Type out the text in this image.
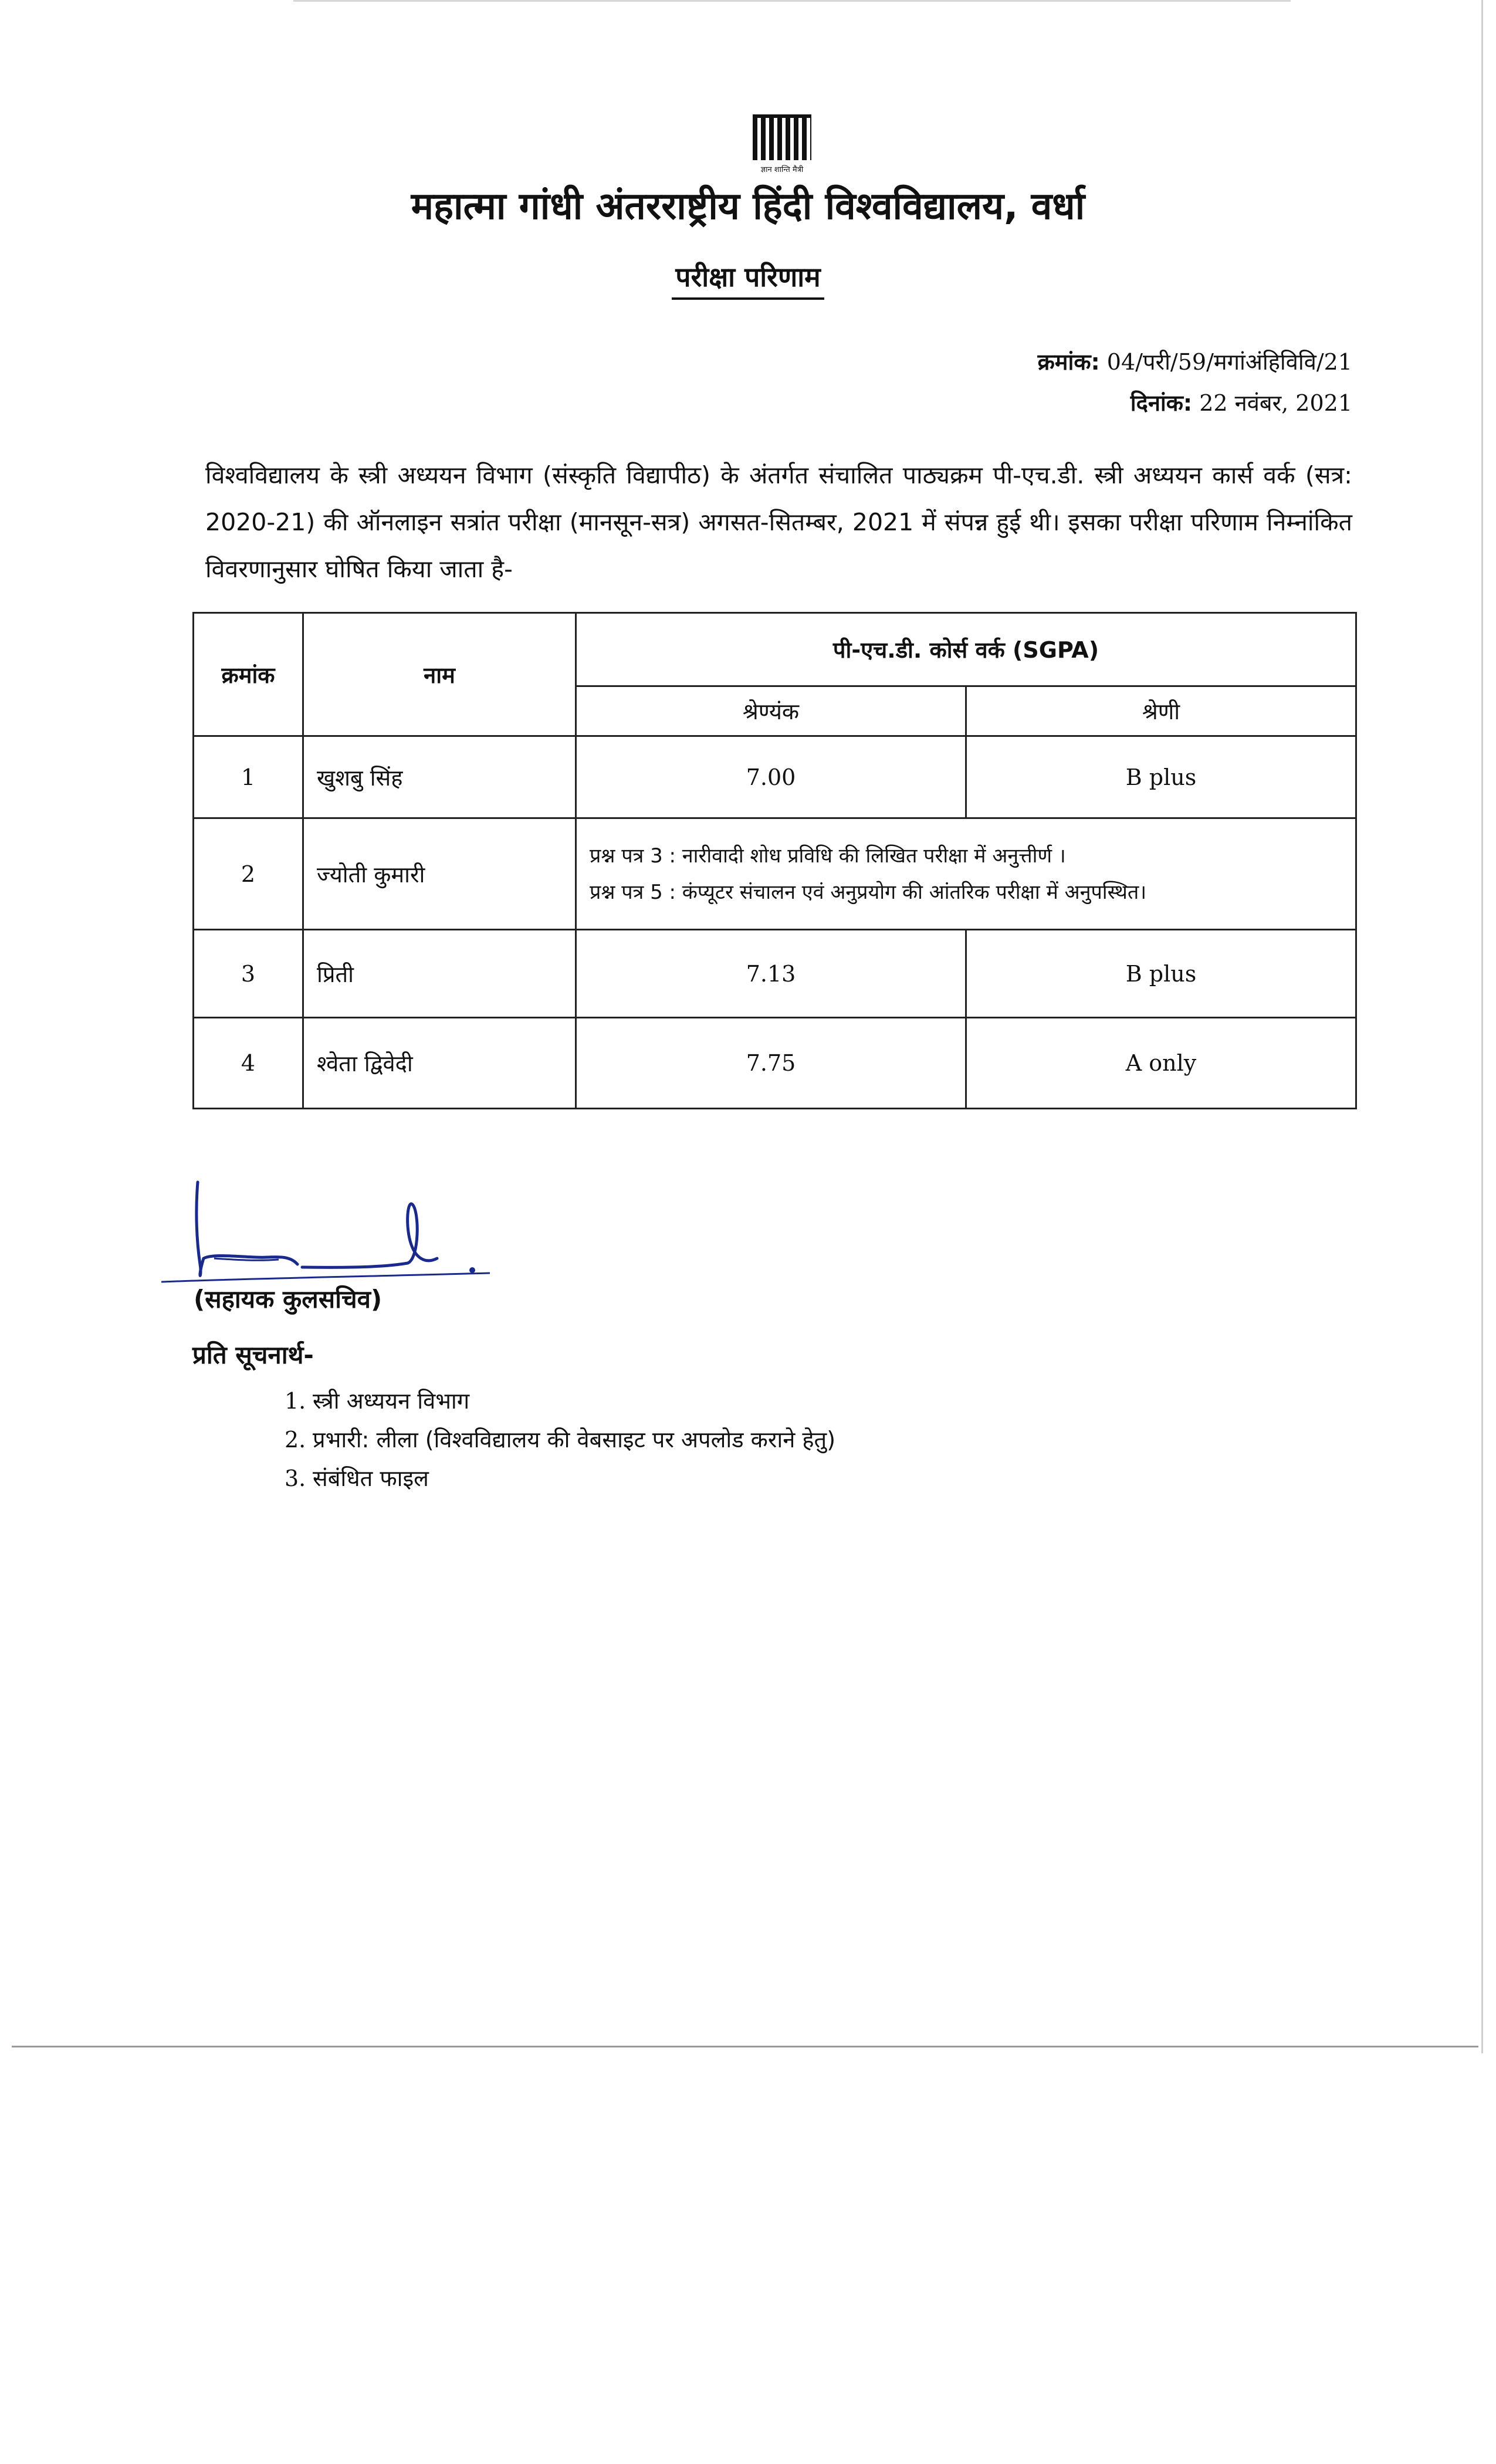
ज्ञान शान्ति मैत्री
महात्मा गांधी अंतरराष्ट्रीय हिंदी विश्वविद्यालय, वर्धा
परीक्षा परिणाम
क्रमांक: 04/परी/59/मगांअंहिविवि/21
दिनांक: 22 नवंबर, 2021
विश्वविद्यालय के स्त्री अध्ययन विभाग (संस्कृति विद्यापीठ) के अंतर्गत संचालित पाठ्यक्रम पी-एच.डी. स्त्री अध्ययन कार्स वर्क (सत्र: 2020-21) की ऑनलाइन सत्रांत परीक्षा (मानसून-सत्र) अगसत-सितम्बर, 2021 में संपन्न हुई थी। इसका परीक्षा परिणाम निम्नांकित विवरणानुसार घोषित किया जाता है-
क्रमांक	नाम	पी-एच.डी. कोर्स वर्क (SGPA)	
		श्रेण्यंक	श्रेणी
1	खुशबु सिंह	7.00	B plus
2	ज्योती कुमारी	प्रश्न पत्र 3 : नारीवादी शोध प्रविधि की लिखित परीक्षा में अनुत्तीर्ण ।
प्रश्न पत्र 5 : कंप्यूटर संचालन एवं अनुप्रयोग की आंतरिक परीक्षा में अनुपस्थित।	

3	प्रिती	7.13	B plus
4	श्वेता द्विवेदी	7.75	A only
(सहायक कुलसचिव)
प्रति सूचनार्थ-
1. स्त्री अध्ययन विभाग
2. प्रभारी: लीला (विश्वविद्यालय की वेबसाइट पर अपलोड कराने हेतु)
3. संबंधित फाइल
